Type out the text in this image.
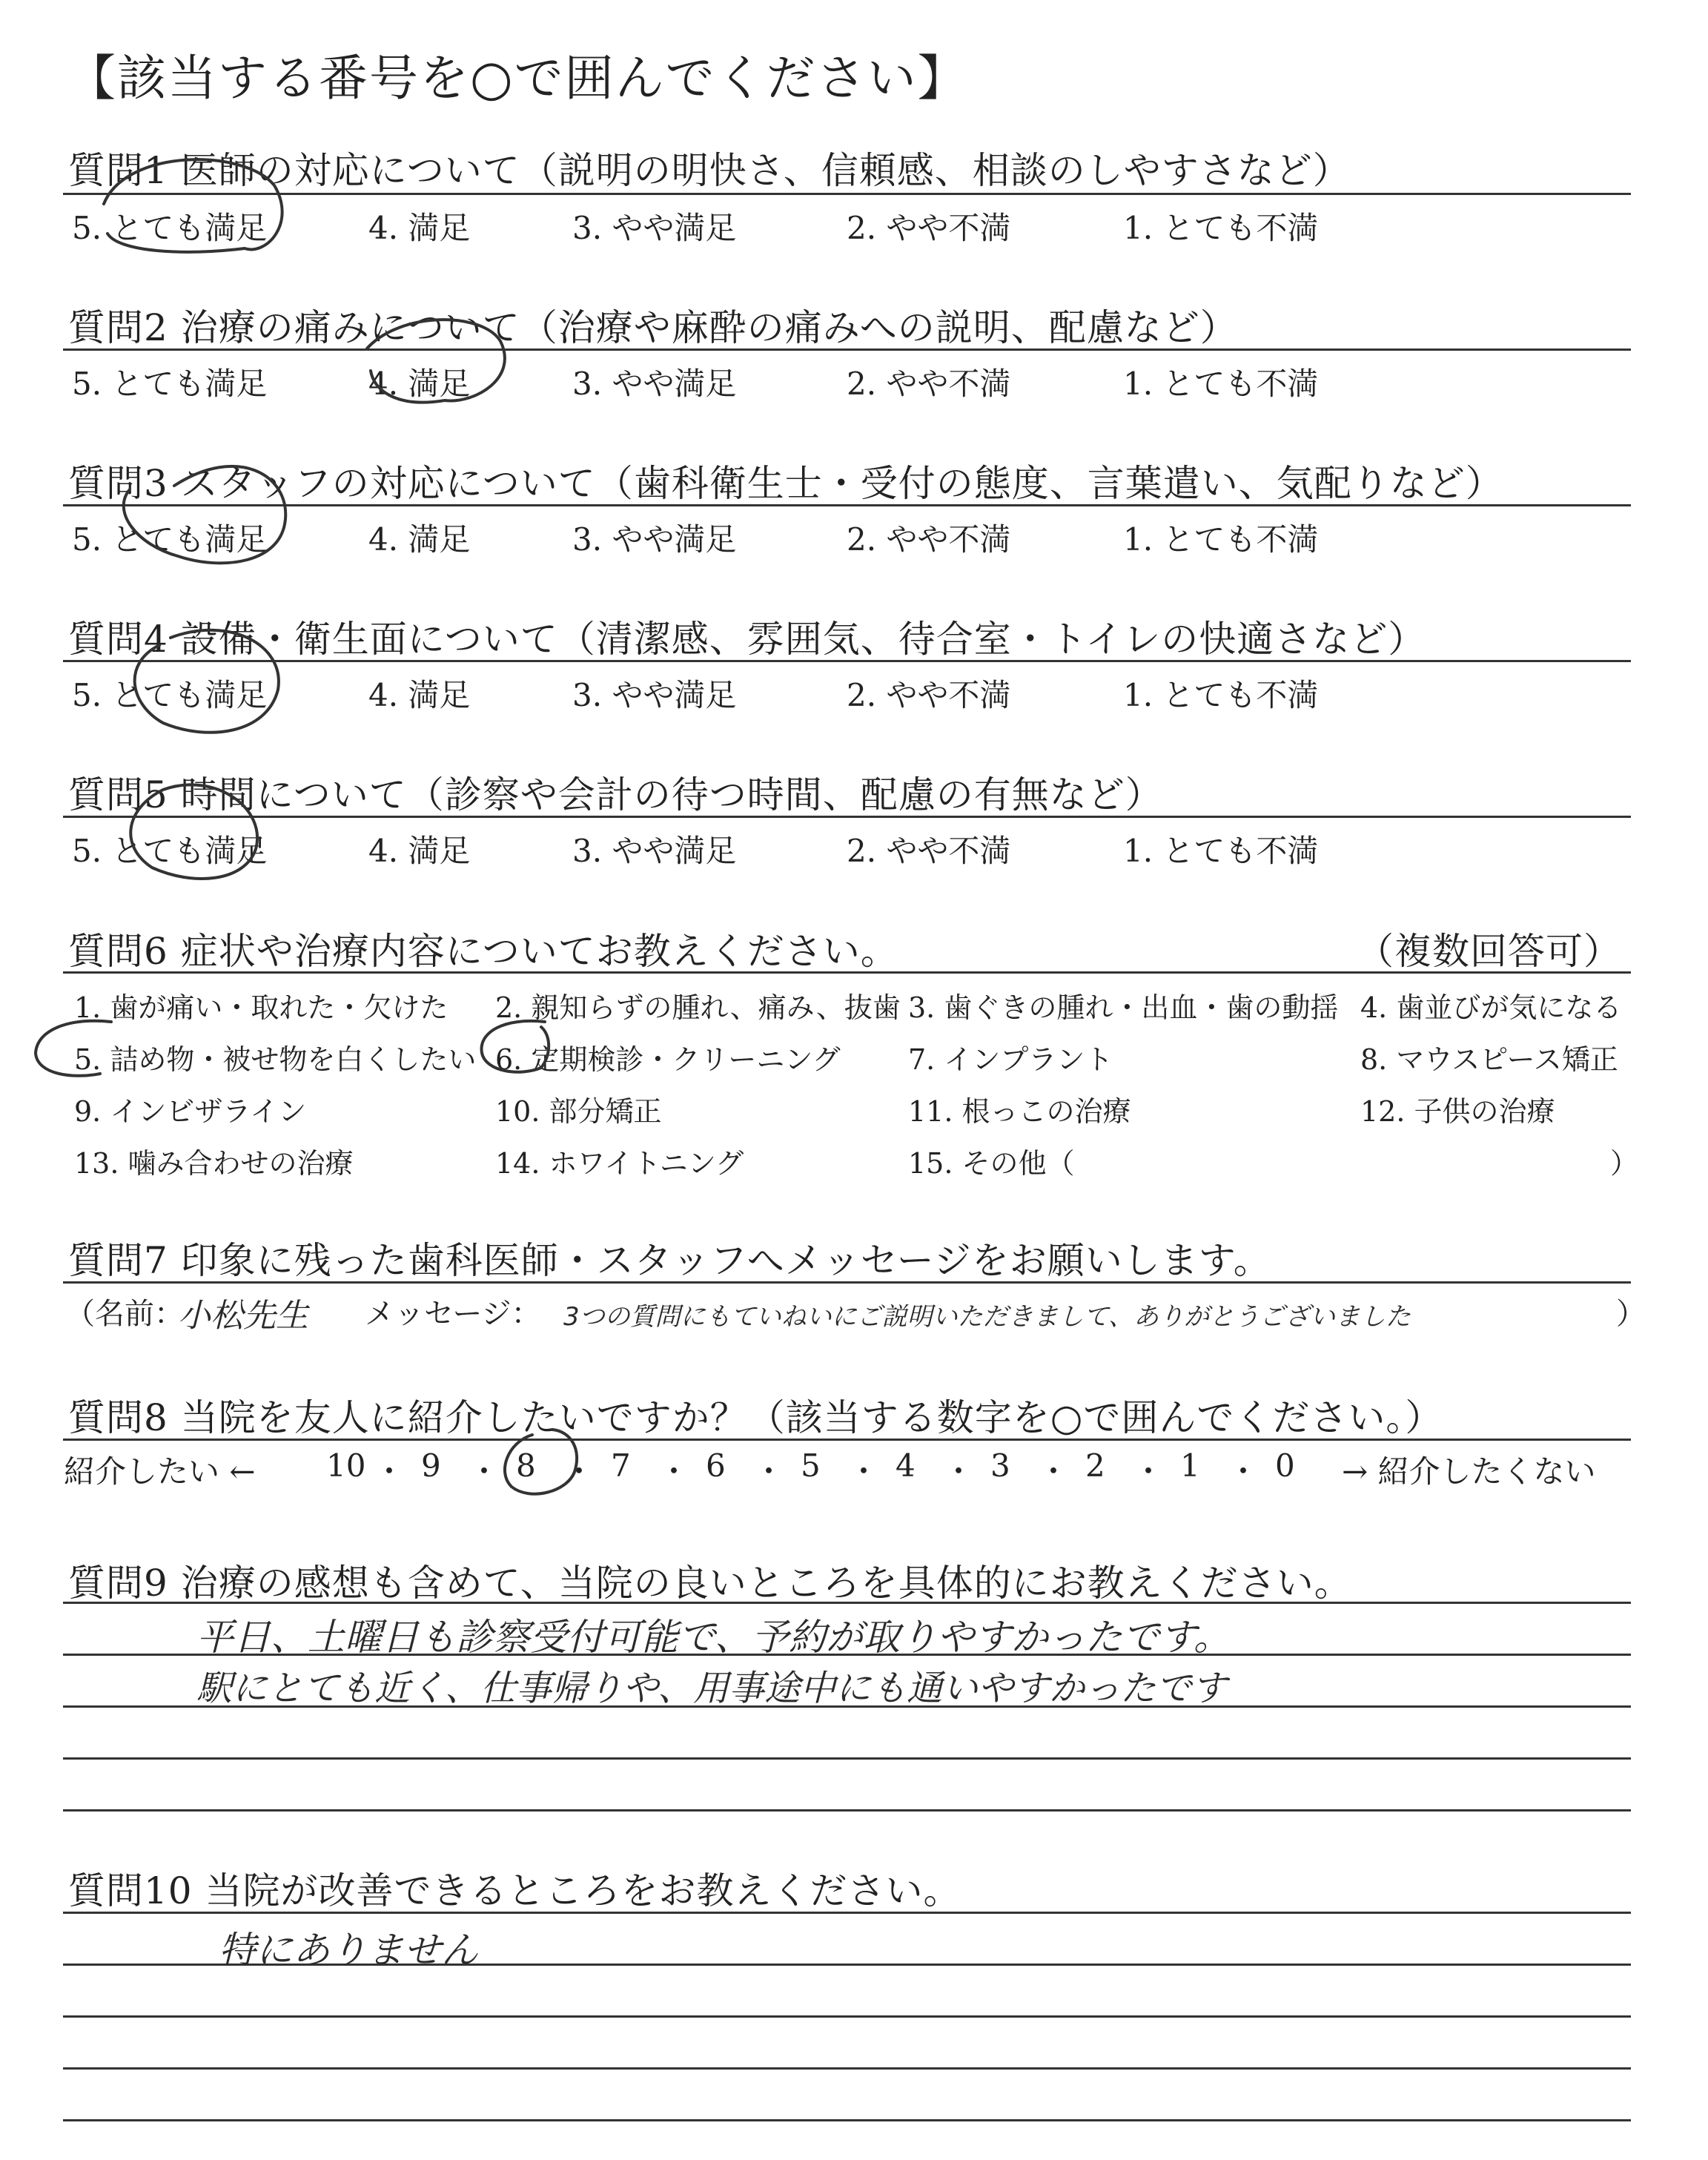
【該当する番号を○で囲んでください】
質問1 医師の対応について（説明の明快さ、信頼感、相談のしやすさなど）
5. とても満足	4. 満足	3. やや満足	2. やや不満	1. とても不満
質問2 治療の痛みについて（治療や麻酔の痛みへの説明、配慮など）
5. とても満足	4. 満足	3. やや満足	2. やや不満	1. とても不満
質問3 スタッフの対応について（歯科衛生士・受付の態度、言葉遣い、気配りなど）
5. とても満足	4. 満足	3. やや満足	2. やや不満	1. とても不満
質問4 設備・衛生面について（清潔感、雰囲気、待合室・トイレの快適さなど）
5. とても満足	4. 満足	3. やや満足	2. やや不満	1. とても不満
質問5 時間について（診察や会計の待つ時間、配慮の有無など）
5. とても満足	4. 満足	3. やや満足	2. やや不満	1. とても不満
質問6 症状や治療内容についてお教えください。	（複数回答可）
1. 歯が痛い・取れた・欠けた 2. 親知らずの腫れ、痛み、抜歯 3. 歯ぐきの腫れ・出血・歯の動揺 4. 歯並びが気になる
5. 詰め物・被せ物を白くしたい 6. 定期検診・クリーニング 7. インプラント	8. マウスピース矯正
9. インビザライン	10. 部分矯正	11. 根っこの治療	12. 子供の治療
13. 噛み合わせの治療	14. ホワイトニング	15. その他（	）
質問7 印象に残った歯科医師・スタッフへメッセージをお願いします。
（名前：
小松先生 メッセージ： 3つの質問にもていねいにご説明いただきまして、ありがとうございました	）
質問8 当院を友人に紹介したいですか？（該当する数字を○で囲んでください。）
紹介したい ← 10 ・ 9 ・ 8 ・ 7 ・ 6 ・ 5 ・ 4 ・ 3 ・ 2 ・ 1 ・ 0 → 紹介したくない
質問9 治療の感想も含めて、当院の良いところを具体的にお教えください。
平日、土曜日も診察受付可能で、予約が取りやすかったです。
駅にとても近く、仕事帰りや、用事途中にも通いやすかったです
質問10 当院が改善できるところをお教えください。
特にありません
